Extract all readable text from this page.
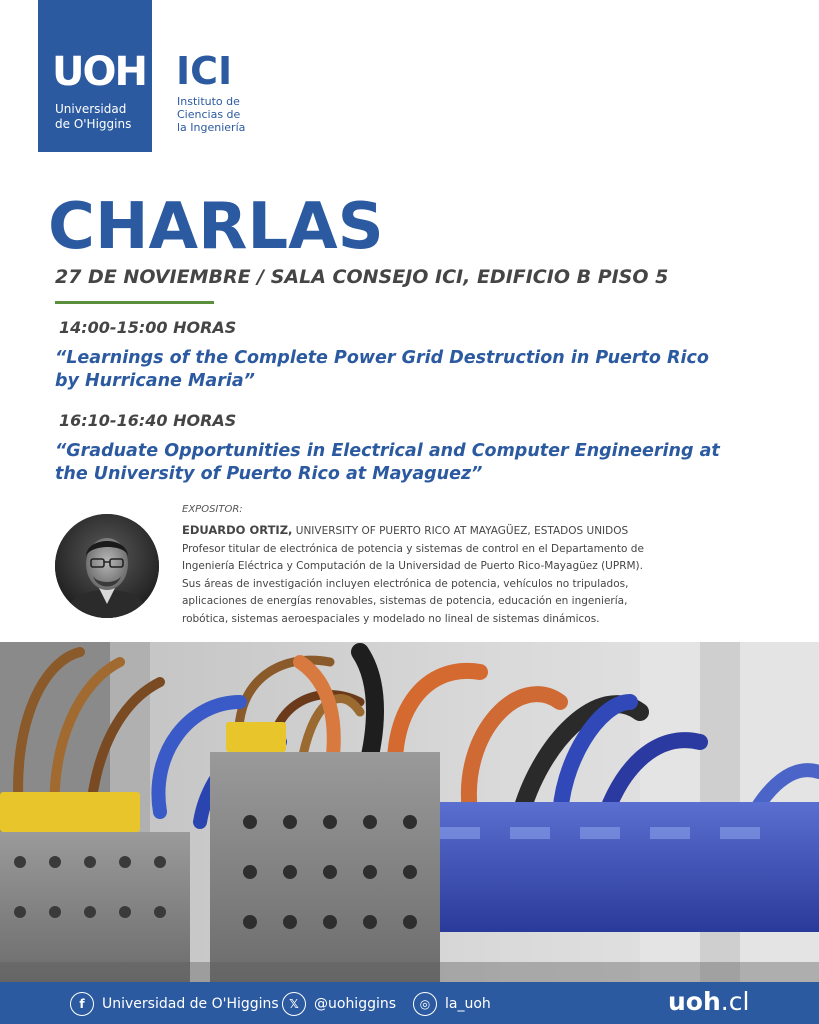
UOH
Universidad
de O'Higgins
ICI
Instituto de
Ciencias de
la Ingeniería
CHARLAS
27 DE NOVIEMBRE / SALA CONSEJO ICI, EDIFICIO B PISO 5
14:00-15:00 HORAS
“Learnings of the Complete Power Grid Destruction in Puerto Rico
by Hurricane Maria”
16:10-16:40 HORAS
“Graduate Opportunities in Electrical and Computer Engineering at
the University of Puerto Rico at Mayaguez”
EXPOSITOR:
EDUARDO ORTIZ, UNIVERSITY OF PUERTO RICO AT MAYAGÜEZ, ESTADOS UNIDOS
Profesor titular de electrónica de potencia y sistemas de control en el Departamento de
Ingeniería Eléctrica y Computación de la Universidad de Puerto Rico-Mayagüez (UPRM).
Sus áreas de investigación incluyen electrónica de potencia, vehículos no tripulados,
aplicaciones de energías renovables, sistemas de potencia, educación en ingeniería,
robótica, sistemas aeroespaciales y modelado no lineal de sistemas dinámicos.
f	Universidad de O'Higgins 𝕏	@uohiggins	◎	la_uoh	uoh.cl
